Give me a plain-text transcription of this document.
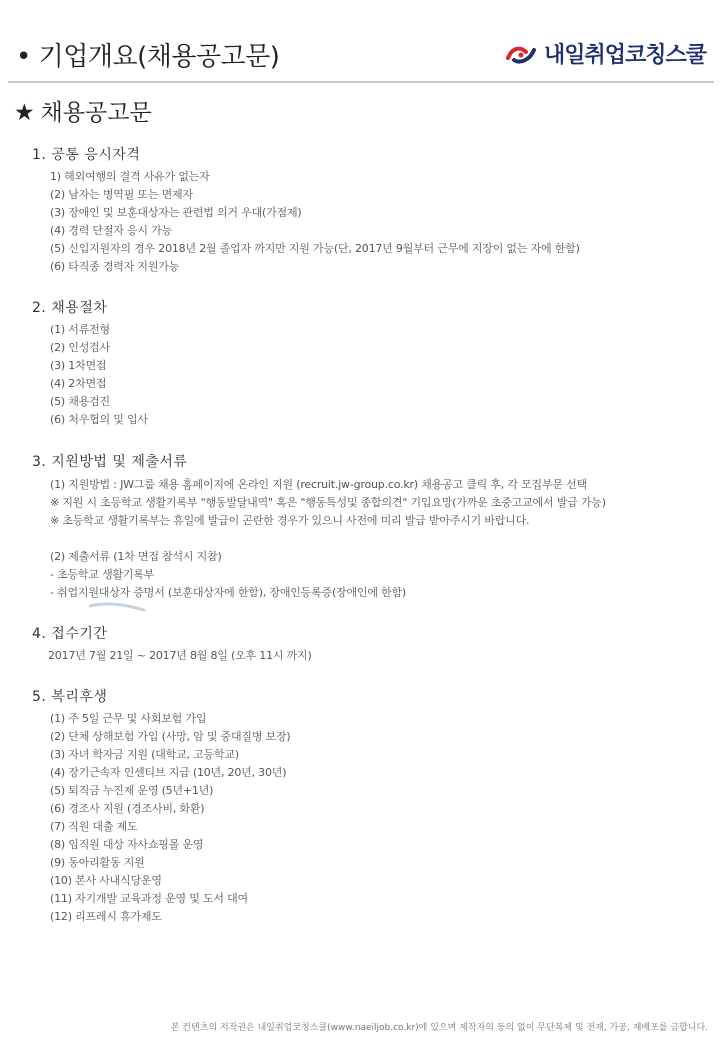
• 기업개요(채용공고문)	내일취업코칭스쿨
★ 채용공고문
1. 공통 응시자격
1) 해외여행의 결격 사유가 없는자
(2) 남자는 병역필 또는 면제자
(3) 장애인 및 보훈대상자는 관련법 의거 우대(가점제)
(4) 경력 단절자 응시 가능
(5) 신입지원자의 경우 2018년 2월 졸업자 까지만 지원 가능(단, 2017년 9월부터 근무에 지장이 없는 자에 한함)
(6) 타직종 경력자 지원가능
2. 채용절차
(1) 서류전형
(2) 인성검사
(3) 1차면접
(4) 2차면접
(5) 채용검진
(6) 처우협의 및 입사
3. 지원방법 및 제출서류
(1) 지원방법 : JW그룹 채용 홈페이지에 온라인 지원 (recruit.jw-group.co.kr) 채용공고 클릭 후, 각 모집부문 선택
※ 지원 시 초등학교 생활기록부 "행동발달내역" 혹은 "행동특성및 종합의견" 기입요망(가까운 초중고교에서 발급 가능)
※ 초등학교 생활기록부는 휴일에 발급이 곤란한 경우가 있으니 사전에 미리 발급 받아주시기 바랍니다.
(2) 제출서류 (1차 면접 참석시 지참)
- 초등학교 생활기록부
- 취업지원대상자 증명서 (보훈대상자에 한함), 장애인등록증(장애인에 한함)
4. 접수기간
2017년 7월 21일 ~ 2017년 8월 8일 (오후 11시 까지)
5. 복리후생
(1) 주 5일 근무 및 사회보험 가입
(2) 단체 상해보험 가입 (사망, 암 및 중대질병 보장)
(3) 자녀 학자금 지원 (대학교, 고등학교)
(4) 장기근속자 인센티브 지급 (10년, 20년, 30년)
(5) 퇴직금 누진제 운영 (5년+1년)
(6) 경조사 지원 (경조사비, 화환)
(7) 직원 대출 제도
(8) 임직원 대상 자사쇼핑몰 운영
(9) 동아리활동 지원
(10) 본사 사내식당운영
(11) 자기개발 교육과정 운영 및 도서 대여
(12) 리프레시 휴가제도
본 컨텐츠의 저작권은 내일취업코칭스쿨(www.naeiljob.co.kr)에 있으며 제작자의 동의 없이 무단복제 및 전재, 가공, 재배포를 금합니다.
